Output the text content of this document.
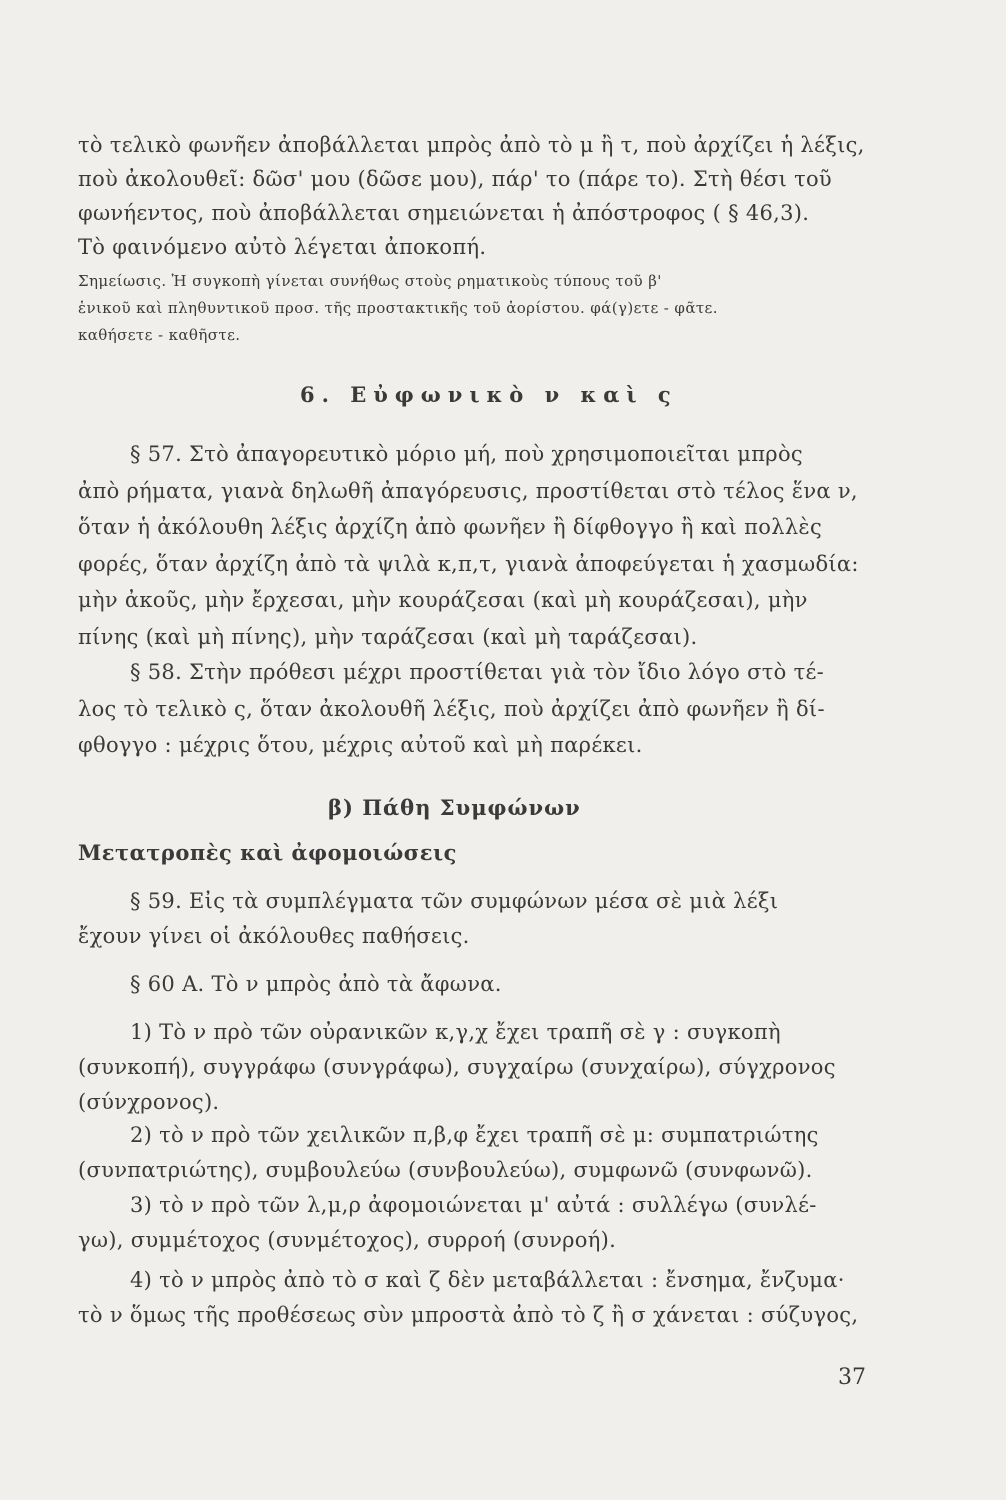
τὸ τελικὸ φωνῆεν ἀποβάλλεται μπρὸς ἀπὸ τὸ μ ἢ τ, ποὺ ἀρχίζει ἡ λέξις,
ποὺ ἀκολουθεῖ: δῶσ' μου (δῶσε μου), πάρ' το (πάρε το). Στὴ θέσι τοῦ
φωνήεντος, ποὺ ἀποβάλλεται σημειώνεται ἡ ἀπόστροφος ( § 46,3).
Τὸ φαινόμενο αὐτὸ λέγεται ἀποκοπή.
Σημείωσις. Ἡ συγκοπὴ γίνεται συνήθως στοὺς ρηματικοὺς τύπους τοῦ β'
ἑνικοῦ καὶ πληθυντικοῦ προσ. τῆς προστακτικῆς τοῦ ἀορίστου. φά(γ)ετε - φᾶτε.
καθήσετε - καθῆστε.
6. Εὐφωνικὸ ν καὶ ς
§ 57. Στὸ ἀπαγορευτικὸ μόριο μή, ποὺ χρησιμοποιεῖται μπρὸς
ἀπὸ ρήματα, γιανὰ δηλωθῆ ἀπαγόρευσις, προστίθεται στὸ τέλος ἕνα ν,
ὅταν ἡ ἀκόλουθη λέξις ἀρχίζη ἀπὸ φωνῆεν ἢ δίφθογγο ἢ καὶ πολλὲς
φορές, ὅταν ἀρχίζη ἀπὸ τὰ ψιλὰ κ,π,τ, γιανὰ ἀποφεύγεται ἡ χασμωδία:
μὴν ἀκοῦς, μὴν ἔρχεσαι, μὴν κουράζεσαι (καὶ μὴ κουράζεσαι), μὴν
πίνης (καὶ μὴ πίνης), μὴν ταράζεσαι (καὶ μὴ ταράζεσαι).
§ 58. Στὴν πρόθεσι μέχρι προστίθεται γιὰ τὸν ἴδιο λόγο στὸ τέ-
λος τὸ τελικὸ ς, ὅταν ἀκολουθῆ λέξις, ποὺ ἀρχίζει ἀπὸ φωνῆεν ἢ δί-
φθογγο : μέχρις ὅτου, μέχρις αὐτοῦ καὶ μὴ παρέκει.
β) Πάθη Συμφώνων
Μετατροπὲς καὶ ἀφομοιώσεις
§ 59. Εἰς τὰ συμπλέγματα τῶν συμφώνων μέσα σὲ μιὰ λέξι
ἔχουν γίνει οἱ ἀκόλουθες παθήσεις.
§ 60 Α. Τὸ ν μπρὸς ἀπὸ τὰ ἄφωνα.
1) Τὸ ν πρὸ τῶν οὐρανικῶν κ,γ,χ ἔχει τραπῆ σὲ γ : συγκοπὴ
(συνκοπή), συγγράφω (συνγράφω), συγχαίρω (συνχαίρω), σύγχρονος
(σύνχρονος).
2) τὸ ν πρὸ τῶν χειλικῶν π,β,φ ἔχει τραπῆ σὲ μ: συμπατριώτης
(συνπατριώτης), συμβουλεύω (συνβουλεύω), συμφωνῶ (συνφωνῶ).
3) τὸ ν πρὸ τῶν λ,μ,ρ ἀφομοιώνεται μ' αὐτά : συλλέγω (συνλέ-
γω), συμμέτοχος (συνμέτοχος), συρροή (συνροή).
4) τὸ ν μπρὸς ἀπὸ τὸ σ καὶ ζ δὲν μεταβάλλεται : ἔνσημα, ἔνζυμα·
τὸ ν ὅμως τῆς προθέσεως σὺν μπροστὰ ἀπὸ τὸ ζ ἢ σ χάνεται : σύζυγος,
37
